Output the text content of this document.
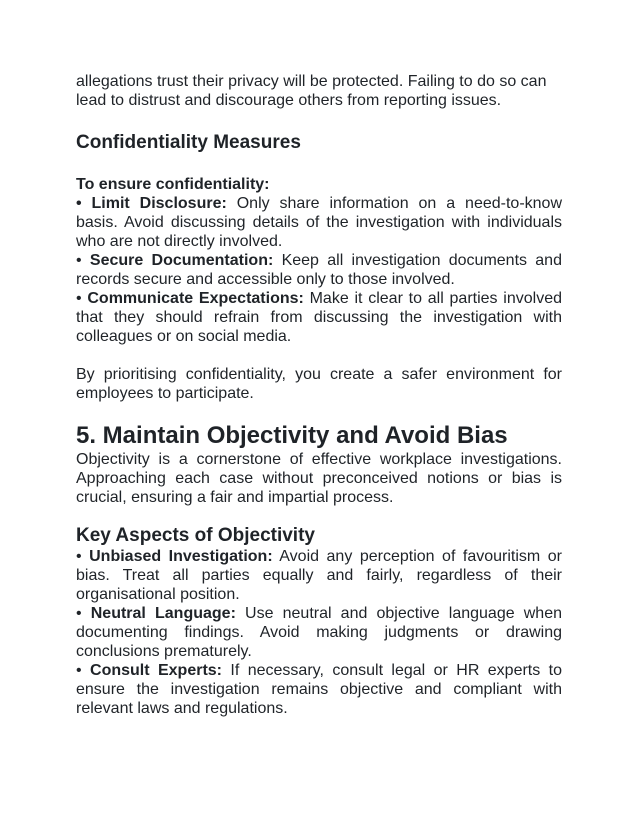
allegations trust their privacy will be protected. Failing to do so can lead to distrust and discourage others from reporting issues.

Confidentiality Measures

To ensure confidentiality:

• Limit Disclosure: Only share information on a need-to-know basis. Avoid discussing details of the investigation with individuals who are not directly involved.

• Secure Documentation: Keep all investigation documents and records secure and accessible only to those involved.

• Communicate Expectations: Make it clear to all parties involved that they should refrain from discussing the investigation with colleagues or on social media.

By prioritising confidentiality, you create a safer environment for employees to participate.

5. Maintain Objectivity and Avoid Bias

Objectivity is a cornerstone of effective workplace investigations. Approaching each case without preconceived notions or bias is crucial, ensuring a fair and impartial process.

Key Aspects of Objectivity

• Unbiased Investigation: Avoid any perception of favouritism or bias. Treat all parties equally and fairly, regardless of their organisational position.

• Neutral Language: Use neutral and objective language when documenting findings. Avoid making judgments or drawing conclusions prematurely.

• Consult Experts: If necessary, consult legal or HR experts to ensure the investigation remains objective and compliant with relevant laws and regulations.
